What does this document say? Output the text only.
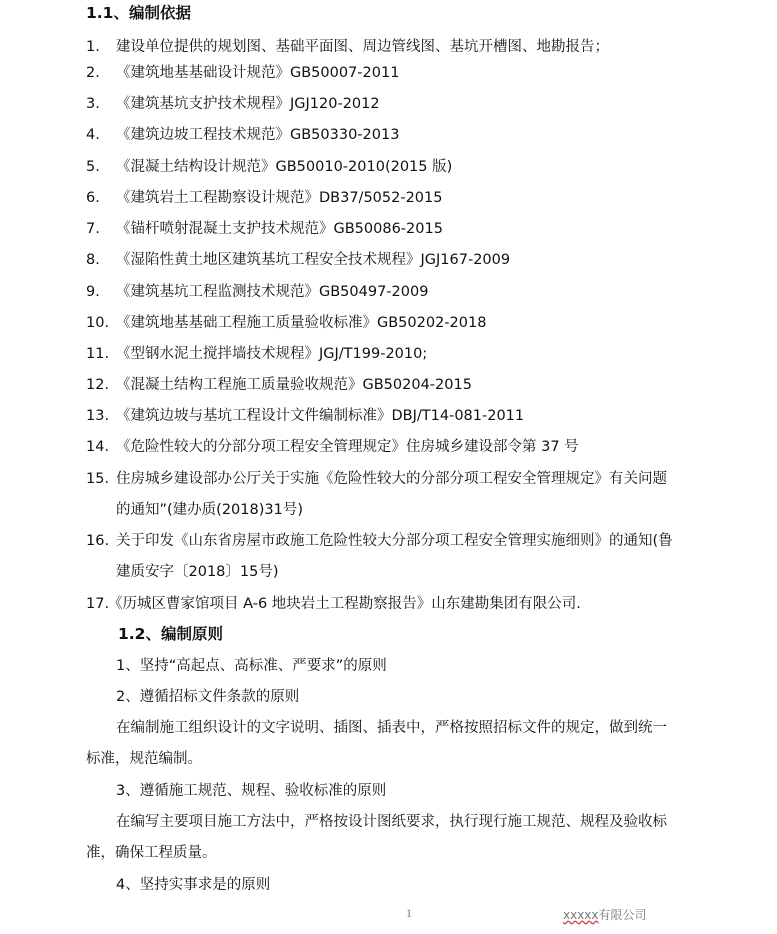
1.1、编制依据
1. 建设单位提供的规划图、基础平面图、周边管线图、基坑开槽图、地勘报告；
2. 《建筑地基基础设计规范》GB50007-2011
3. 《建筑基坑支护技术规程》JGJ120-2012
4. 《建筑边坡工程技术规范》GB50330-2013
5. 《混凝土结构设计规范》GB50010-2010(2015 版)
6. 《建筑岩土工程勘察设计规范》DB37/5052-2015
7. 《锚杆喷射混凝土支护技术规范》GB50086-2015
8. 《湿陷性黄土地区建筑基坑工程安全技术规程》JGJ167-2009
9. 《建筑基坑工程监测技术规范》GB50497-2009
10. 《建筑地基基础工程施工质量验收标准》GB50202-2018
11. 《型钢水泥土搅拌墙技术规程》JGJ/T199-2010;
12. 《混凝土结构工程施工质量验收规范》GB50204-2015
13. 《建筑边坡与基坑工程设计文件编制标准》DBJ/T14-081-2011
14. 《危险性较大的分部分项工程安全管理规定》住房城乡建设部令第 37 号
15. 住房城乡建设部办公厅关于实施《危险性较大的分部分项工程安全管理规定》有关问题
的通知”(建办质(2018)31号)
16. 关于印发《山东省房屋市政施工危险性较大分部分项工程安全管理实施细则》的通知(鲁
建质安字〔2018〕15号)
17.《历城区曹家馆项目 A-6 地块岩土工程勘察报告》山东建勘集团有限公司.
1.2、编制原则
1、坚持“高起点、高标准、严要求”的原则
2、遵循招标文件条款的原则
在编制施工组织设计的文字说明、插图、插表中，严格按照招标文件的规定，做到统一
标准，规范编制。
3、遵循施工规范、规程、验收标准的原则
在编写主要项目施工方法中，严格按设计图纸要求，执行现行施工规范、规程及验收标
准，确保工程质量。
4、坚持实事求是的原则
1	xxxxx有限公司
